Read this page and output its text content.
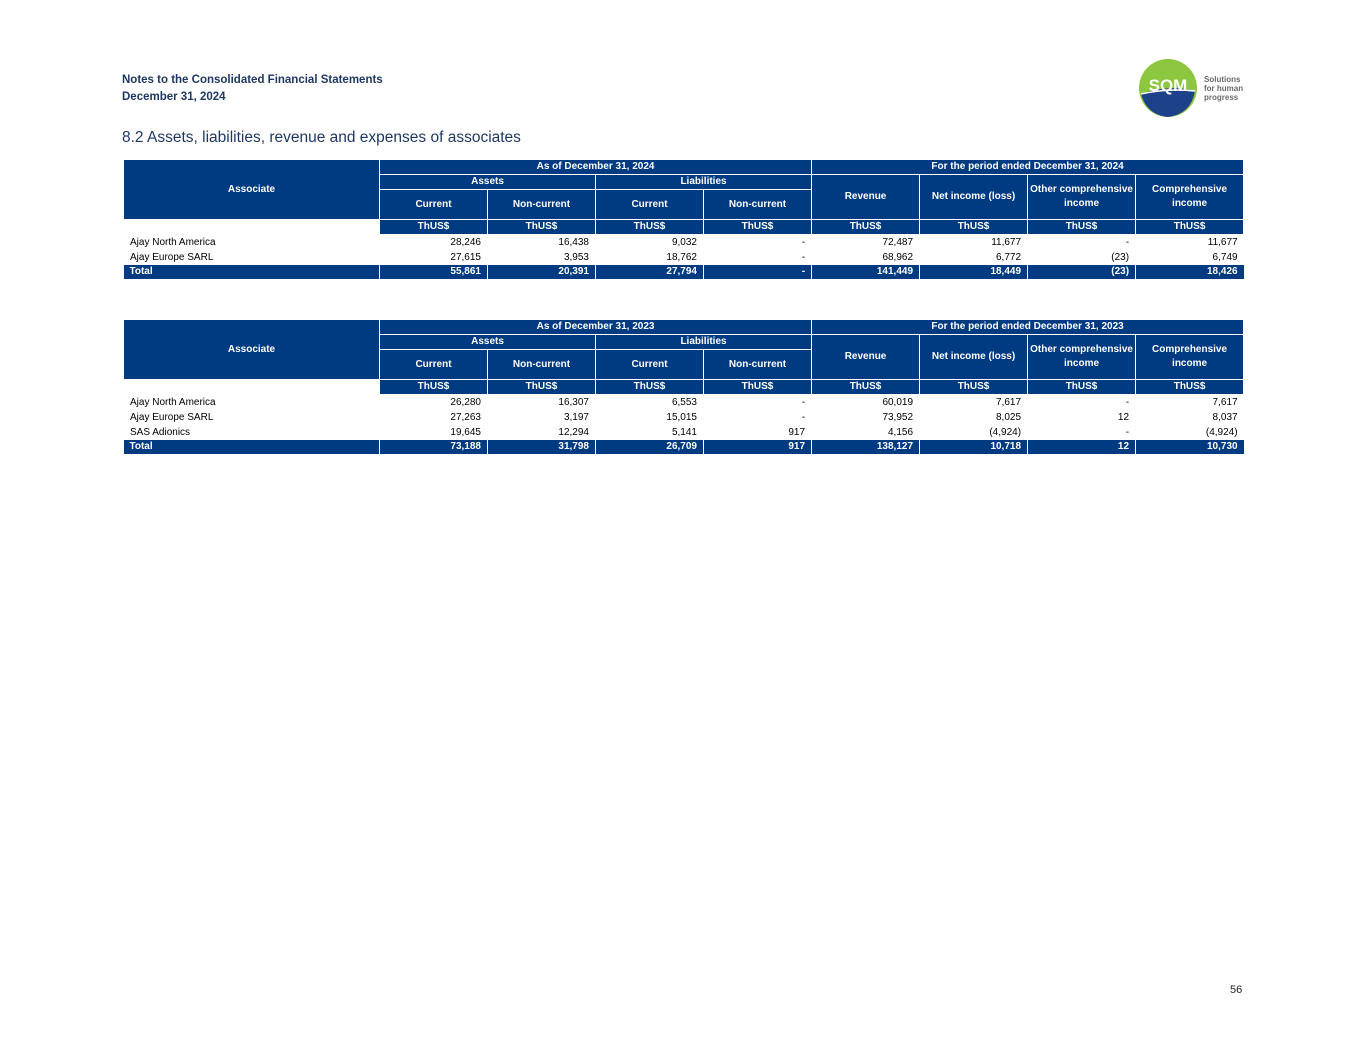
Notes to the Consolidated Financial Statements
December 31, 2024
SQM Solutions
for human
progress
8.2 Assets, liabilities, revenue and expenses of associates
Associate	As of December 31, 2024				For the period ended December 31, 2024			
	Assets		Liabilities		Revenue	Net income (loss)	Other comprehensive income	Comprehensive income
	Current	Non-current	Current	Non-current				
	ThUS$	ThUS$	ThUS$	ThUS$	ThUS$	ThUS$	ThUS$	ThUS$
Ajay North America	28,246	16,438	9,032	-	72,487	11,677	-	11,677
Ajay Europe SARL	27,615	3,953	18,762	-	68,962	6,772	(23)	6,749
Total	55,861	20,391	27,794	-	141,449	18,449	(23)	18,426
Associate	As of December 31, 2023				For the period ended December 31, 2023			
	Assets		Liabilities		Revenue	Net income (loss)	Other comprehensive income	Comprehensive income
	Current	Non-current	Current	Non-current				
	ThUS$	ThUS$	ThUS$	ThUS$	ThUS$	ThUS$	ThUS$	ThUS$
Ajay North America	26,280	16,307	6,553	-	60,019	7,617	-	7,617
Ajay Europe SARL	27,263	3,197	15,015	-	73,952	8,025	12	8,037
SAS Adionics	19,645	12,294	5,141	917	4,156	(4,924)	-	(4,924)
Total	73,188	31,798	26,709	917	138,127	10,718	12	10,730
56
